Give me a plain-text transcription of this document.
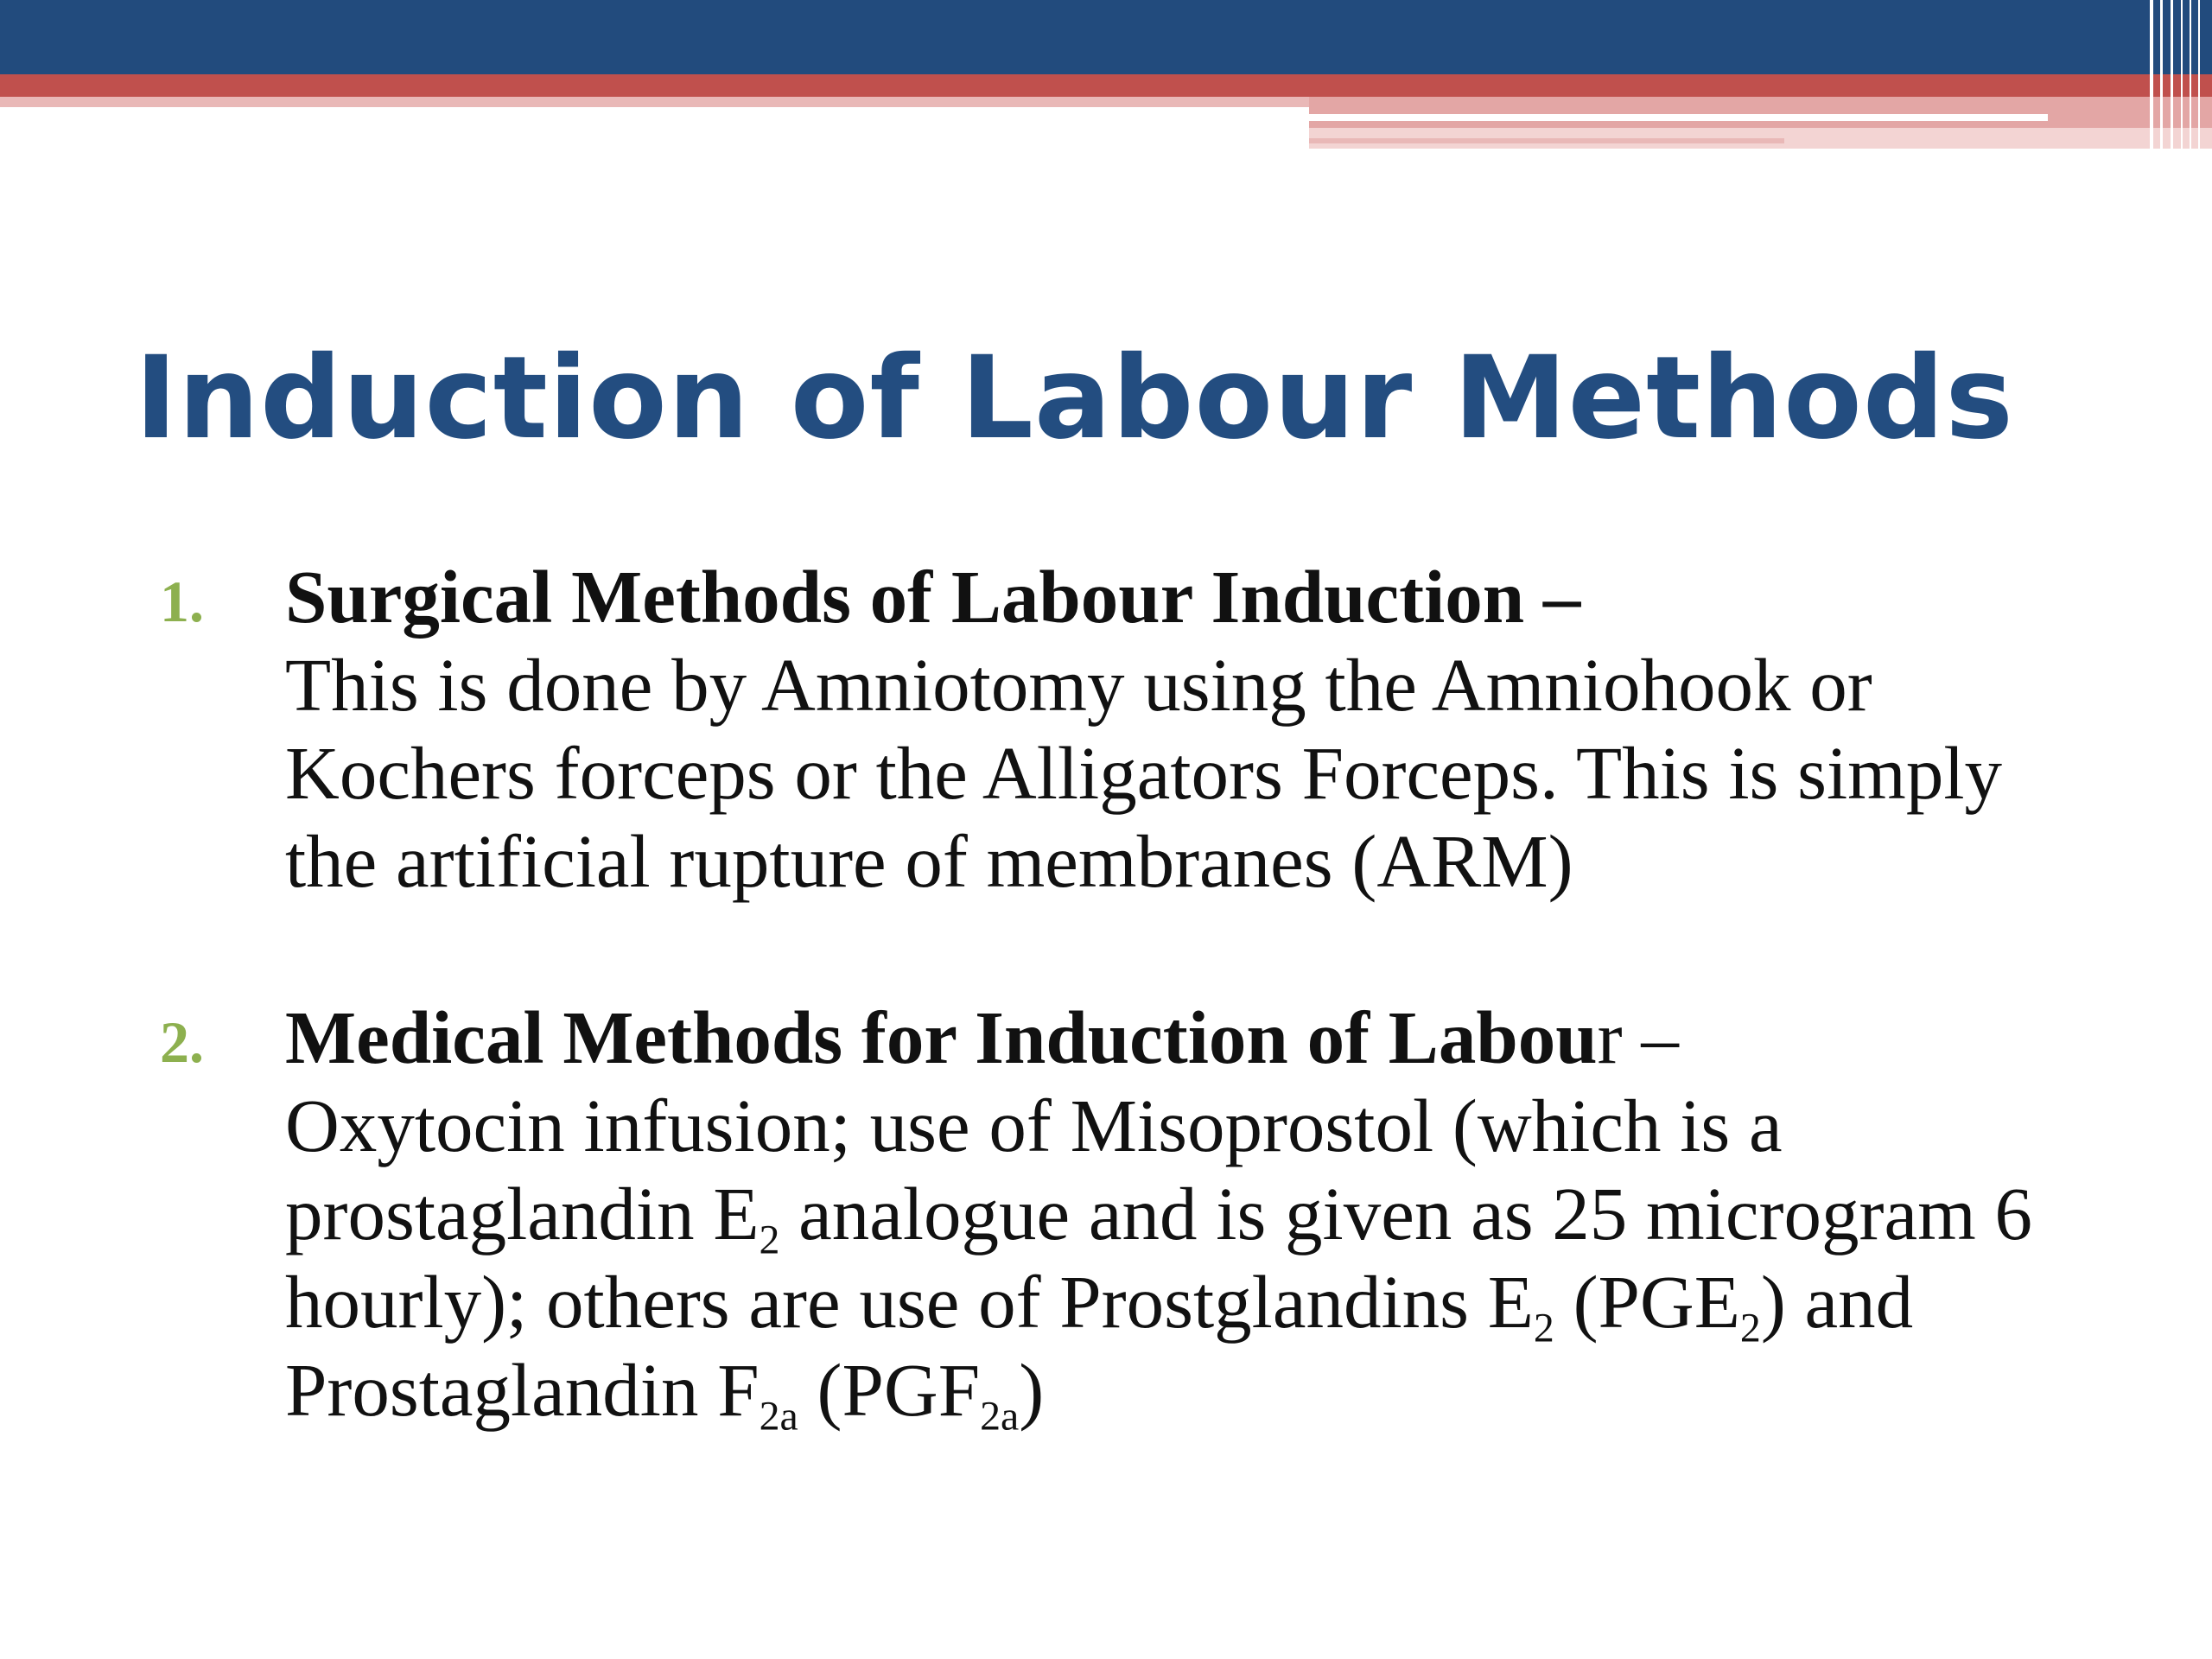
Induction of Labour Methods
1. Surgical Methods of Labour Induction –
This is done by Amniotomy using the Amniohook or Kochers forceps or the Alligators Forceps. This is simply the artificial rupture of membranes (ARM)

2. Medical Methods for Induction of Labour –
Oxytocin infusion; use of Misoprostol (which is a prostaglandin $E_2$ analogue and is given as 25 microgram 6 hourly); others are use of Prostglandins $E_2$ $(PGE_2)$ and Prostaglandin $F_{2a}$ $(PGF_{2a})$
